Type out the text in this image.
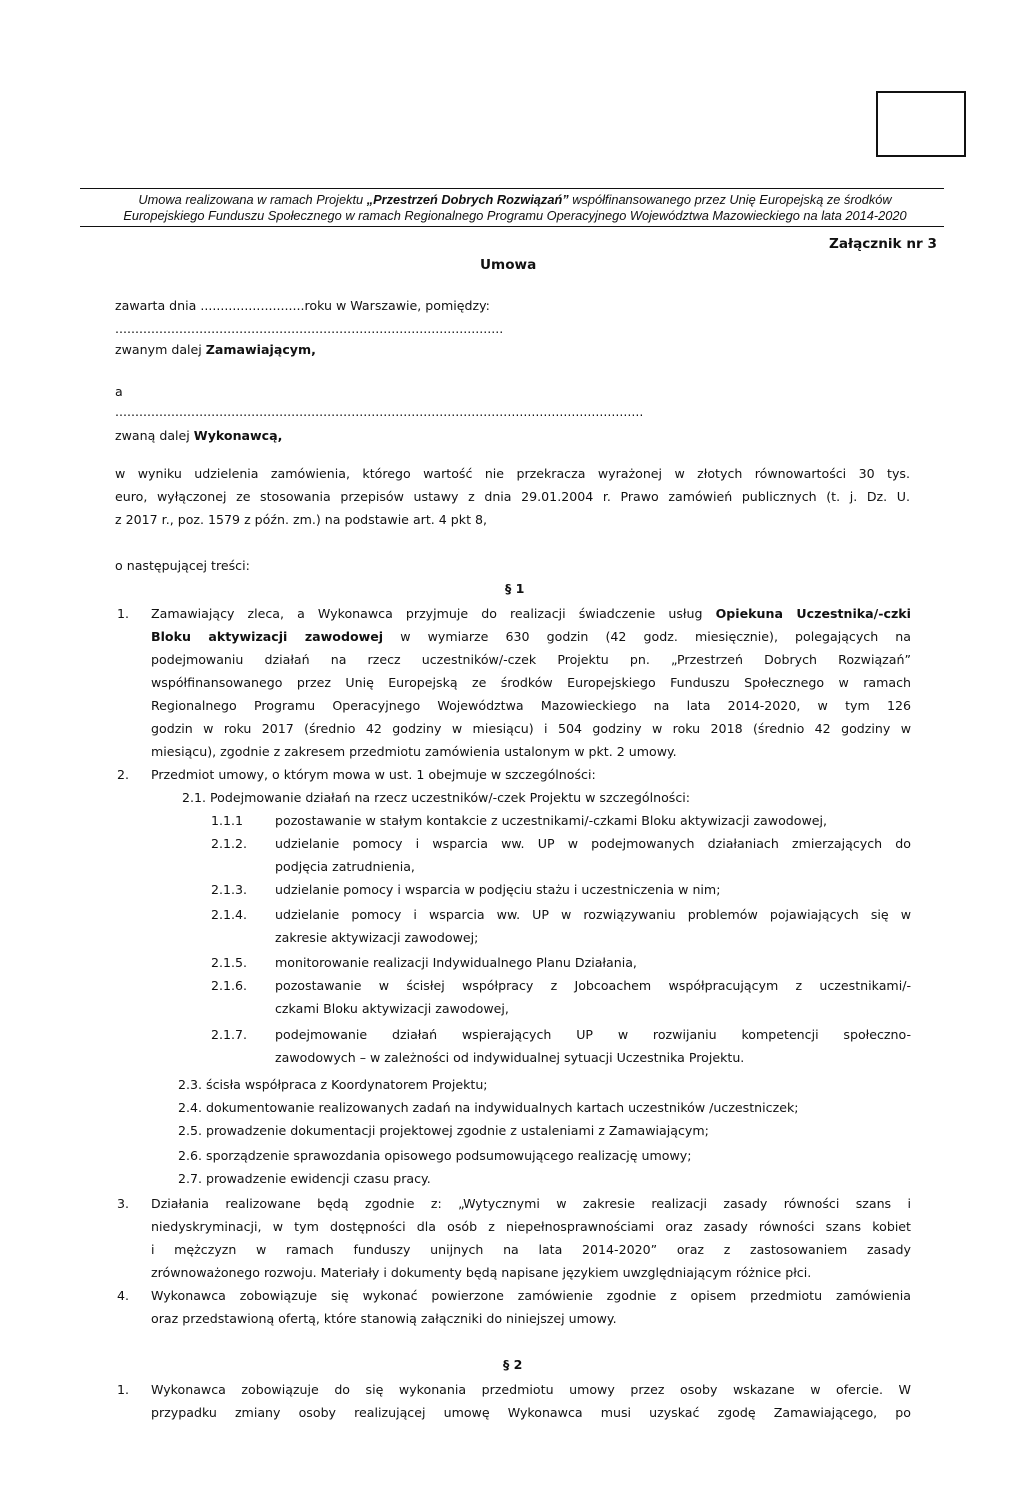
Umowa realizowana w ramach Projektu „Przestrzeń Dobrych Rozwiązań” współfinansowanego przez Unię Europejską ze środków
Europejskiego Funduszu Społecznego w ramach Regionalnego Programu Operacyjnego Województwa Mazowieckiego na lata 2014-2020
Załącznik nr 3
Umowa
zawarta dnia ..........................roku w Warszawie, pomiędzy:
.................................................................................................
zwanym dalej Zamawiającym,
a
....................................................................................................................................
zwaną dalej Wykonawcą,
w wyniku udzielenia zamówienia, którego wartość nie przekracza wyrażonej w złotych równowartości 30 tys.
euro, wyłączonej ze stosowania przepisów ustawy z dnia 29.01.2004 r. Prawo zamówień publicznych (t. j. Dz. U.
z 2017 r., poz. 1579 z późn. zm.) na podstawie art. 4 pkt 8,
o następującej treści:
§ 1
1. Zamawiający zleca, a Wykonawca przyjmuje do realizacji świadczenie usług Opiekuna Uczestnika/-czki
Bloku aktywizacji zawodowej w wymiarze 630 godzin (42 godz. miesięcznie), polegających na
podejmowaniu działań na rzecz uczestników/-czek Projektu pn. „Przestrzeń Dobrych Rozwiązań”
współfinansowanego przez Unię Europejską ze środków Europejskiego Funduszu Społecznego w ramach
Regionalnego Programu Operacyjnego Województwa Mazowieckiego na lata 2014-2020, w tym 126
godzin w roku 2017 (średnio 42 godziny w miesiącu) i 504 godziny w roku 2018 (średnio 42 godziny w
miesiącu), zgodnie z zakresem przedmiotu zamówienia ustalonym w pkt. 2 umowy.
2. Przedmiot umowy, o którym mowa w ust. 1 obejmuje w szczególności:
2.1. Podejmowanie działań na rzecz uczestników/-czek Projektu w szczególności:
1.1.1	pozostawanie w stałym kontakcie z uczestnikami/-czkami Bloku aktywizacji zawodowej,
2.1.2. udzielanie pomocy i wsparcia ww. UP w podejmowanych działaniach zmierzających do
podjęcia zatrudnienia,
2.1.3. udzielanie pomocy i wsparcia w podjęciu stażu i uczestniczenia w nim;
2.1.4. udzielanie pomocy i wsparcia ww. UP w rozwiązywaniu problemów pojawiających się w
zakresie aktywizacji zawodowej;
2.1.5. monitorowanie realizacji Indywidualnego Planu Działania,
2.1.6. pozostawanie w ścisłej współpracy z Jobcoachem współpracującym z uczestnikami/-
czkami Bloku aktywizacji zawodowej,
2.1.7. podejmowanie działań wspierających UP w rozwijaniu kompetencji społeczno-
zawodowych – w zależności od indywidualnej sytuacji Uczestnika Projektu.
2.3. ścisła współpraca z Koordynatorem Projektu;
2.4. dokumentowanie realizowanych zadań na indywidualnych kartach uczestników /uczestniczek;
2.5. prowadzenie dokumentacji projektowej zgodnie z ustaleniami z Zamawiającym;
2.6. sporządzenie sprawozdania opisowego podsumowującego realizację umowy;
2.7. prowadzenie ewidencji czasu pracy.
3. Działania realizowane będą zgodnie z: „Wytycznymi w zakresie realizacji zasady równości szans i
niedyskryminacji, w tym dostępności dla osób z niepełnosprawnościami oraz zasady równości szans kobiet
i mężczyzn w ramach funduszy unijnych na lata 2014-2020” oraz z zastosowaniem zasady
zrównoważonego rozwoju. Materiały i dokumenty będą napisane językiem uwzględniającym różnice płci.
4. Wykonawca zobowiązuje się wykonać powierzone zamówienie zgodnie z opisem przedmiotu zamówienia
oraz przedstawioną ofertą, które stanowią załączniki do niniejszej umowy.
§ 2
1. Wykonawca zobowiązuje do się wykonania przedmiotu umowy przez osoby wskazane w ofercie. W
przypadku zmiany osoby realizującej umowę Wykonawca musi uzyskać zgodę Zamawiającego, po
